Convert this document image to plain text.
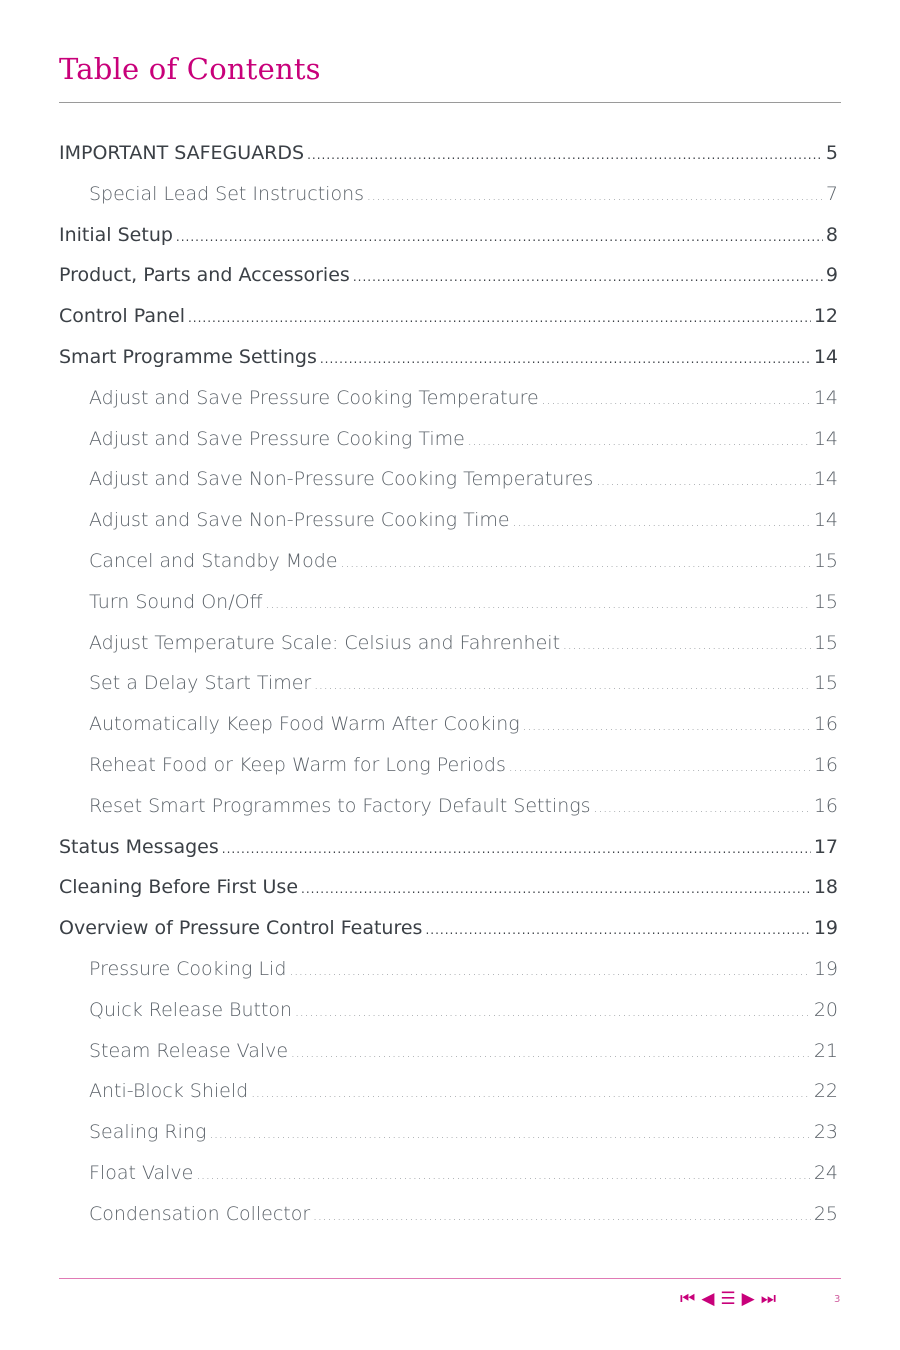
Table of Contents
IMPORTANT SAFEGUARDS .....	5
Special Lead Set Instructions .....	7
Initial Setup .....	8
Product, Parts and Accessories .....	9
Control Panel .....	12
Smart Programme Settings .....	14
Adjust and Save Pressure Cooking Temperature .....	14
Adjust and Save Pressure Cooking Time .....	14
Adjust and Save Non-Pressure Cooking Temperatures .....	14
Adjust and Save Non-Pressure Cooking Time .....	14
Cancel and Standby Mode .....	15
Turn Sound On/Off .....	15
Adjust Temperature Scale: Celsius and Fahrenheit .....	15
Set a Delay Start Timer .....	15
Automatically Keep Food Warm After Cooking .....	16
Reheat Food or Keep Warm for Long Periods .....	16
Reset Smart Programmes to Factory Default Settings .....	16
Status Messages .....	17
Cleaning Before First Use .....	18
Overview of Pressure Control Features .....	19
Pressure Cooking Lid .....	19
Quick Release Button .....	20
Steam Release Valve .....	21
Anti-Block Shield .....	22
Sealing Ring .....	23
Float Valve .....	24
Condensation Collector .....	25
⏮ ◀ ☰ ▶ ⏭	3
